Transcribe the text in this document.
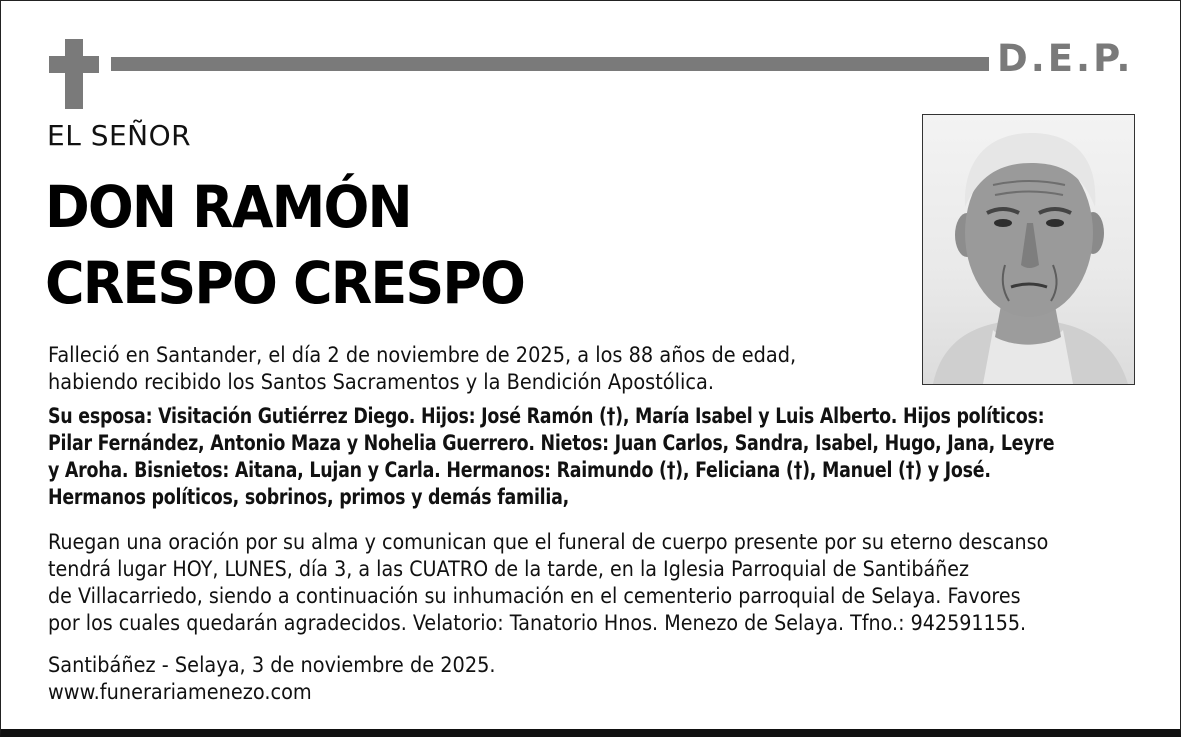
D.E.P.
EL SEÑOR
DON RAMÓN
CRESPO CRESPO
Falleció en Santander, el día 2 de noviembre de 2025, a los 88 años de edad,
habiendo recibido los Santos Sacramentos y la Bendición Apostólica.
Su esposa: Visitación Gutiérrez Diego. Hijos: José Ramón (†), María Isabel y Luis Alberto. Hijos políticos:
Pilar Fernández, Antonio Maza y Nohelia Guerrero. Nietos: Juan Carlos, Sandra, Isabel, Hugo, Jana, Leyre
y Aroha. Bisnietos: Aitana, Lujan y Carla. Hermanos: Raimundo (†), Feliciana (†), Manuel (†) y José.
Hermanos políticos, sobrinos, primos y demás familia,
Ruegan una oración por su alma y comunican que el funeral de cuerpo presente por su eterno descanso
tendrá lugar HOY, LUNES, día 3, a las CUATRO de la tarde, en la Iglesia Parroquial de Santibáñez
de Villacarriedo, siendo a continuación su inhumación en el cementerio parroquial de Selaya. Favores
por los cuales quedarán agradecidos. Velatorio: Tanatorio Hnos. Menezo de Selaya. Tfno.: 942591155.
Santibáñez - Selaya, 3 de noviembre de 2025.
www.funerariamenezo.com
